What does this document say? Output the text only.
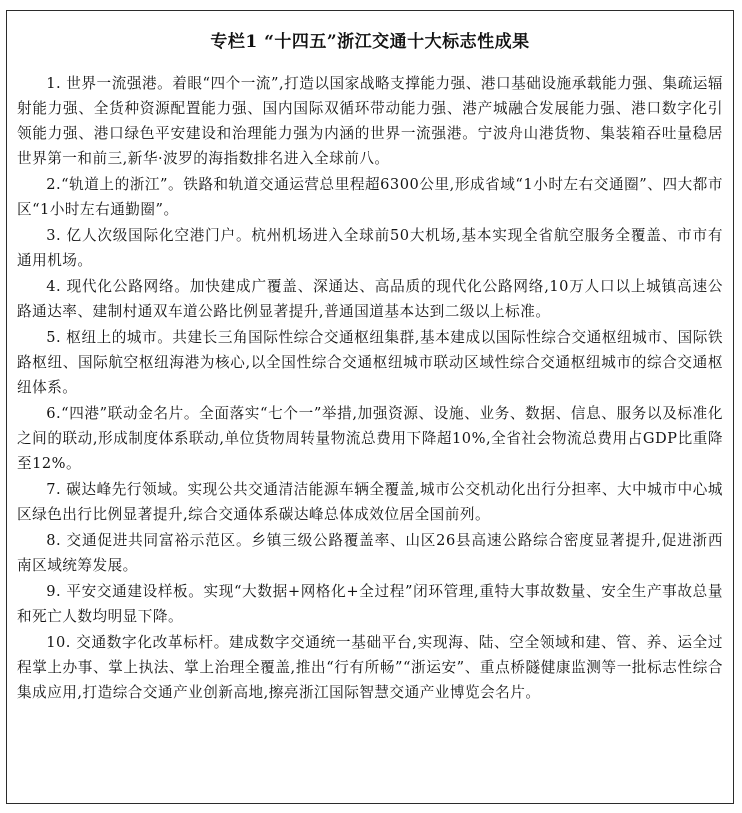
专栏1 “十四五”浙江交通十大标志性成果

1. 世界一流强港。着眼“四个一流”,打造以国家战略支撑能力强、港口基础设施承载能力强、集疏运辐射能力强、全货种资源配置能力强、国内国际双循环带动能力强、港产城融合发展能力强、港口数字化引领能力强、港口绿色平安建设和治理能力强为内涵的世界一流强港。宁波舟山港货物、集装箱吞吐量稳居世界第一和前三,新华·波罗的海指数排名进入全球前八。

2.“轨道上的浙江”。铁路和轨道交通运营总里程超6300公里,形成省域“1小时左右交通圈”、四大都市区“1小时左右通勤圈”。

3. 亿人次级国际化空港门户。杭州机场进入全球前50大机场,基本实现全省航空服务全覆盖、市市有通用机场。

4. 现代化公路网络。加快建成广覆盖、深通达、高品质的现代化公路网络,10万人口以上城镇高速公路通达率、建制村通双车道公路比例显著提升,普通国道基本达到二级以上标准。

5. 枢纽上的城市。共建长三角国际性综合交通枢纽集群,基本建成以国际性综合交通枢纽城市、国际铁路枢纽、国际航空枢纽海港为核心,以全国性综合交通枢纽城市联动区域性综合交通枢纽城市的综合交通枢纽体系。

6.“四港”联动金名片。全面落实“七个一”举措,加强资源、设施、业务、数据、信息、服务以及标准化之间的联动,形成制度体系联动,单位货物周转量物流总费用下降超10%,全省社会物流总费用占GDP比重降至12%。

7. 碳达峰先行领域。实现公共交通清洁能源车辆全覆盖,城市公交机动化出行分担率、大中城市中心城区绿色出行比例显著提升,综合交通体系碳达峰总体成效位居全国前列。

8. 交通促进共同富裕示范区。乡镇三级公路覆盖率、山区26县高速公路综合密度显著提升,促进浙西南区域统筹发展。

9. 平安交通建设样板。实现“大数据+网格化+全过程”闭环管理,重特大事故数量、安全生产事故总量和死亡人数均明显下降。

10. 交通数字化改革标杆。建成数字交通统一基础平台,实现海、陆、空全领域和建、管、养、运全过程掌上办事、掌上执法、掌上治理全覆盖,推出“行有所畅”“浙运安”、重点桥隧健康监测等一批标志性综合集成应用,打造综合交通产业创新高地,擦亮浙江国际智慧交通产业博览会名片。
